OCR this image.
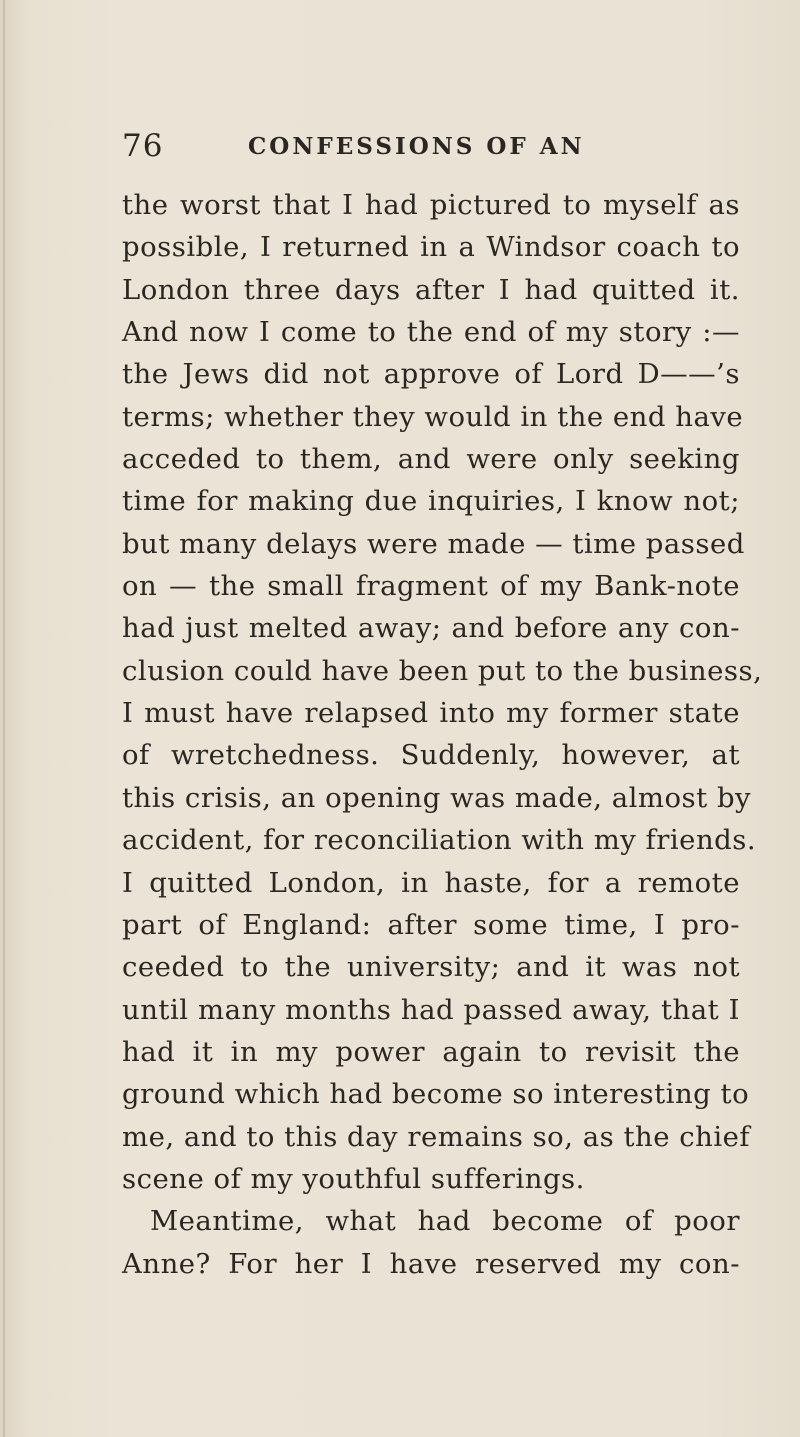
76	CONFESSIONS OF AN
the worst that I had pictured to myself as
possible, I returned in a Windsor coach to
London three days after I had quitted it.
And now I come to the end of my story :—
the Jews did not approve of Lord D——’s
terms; whether they would in the end have
acceded to them, and were only seeking
time for making due inquiries, I know not;
but many delays were made — time passed
on — the small fragment of my Bank-note
had just melted away; and before any con-
clusion could have been put to the business,
I must have relapsed into my former state
of wretchedness. Suddenly, however, at
this crisis, an opening was made, almost by
accident, for reconciliation with my friends.
I quitted London, in haste, for a remote
part of England: after some time, I pro-
ceeded to the university; and it was not
until many months had passed away, that I
had it in my power again to revisit the
ground which had become so interesting to
me, and to this day remains so, as the chief
scene of my youthful sufferings.
Meantime, what had become of poor
Anne? For her I have reserved my con-
